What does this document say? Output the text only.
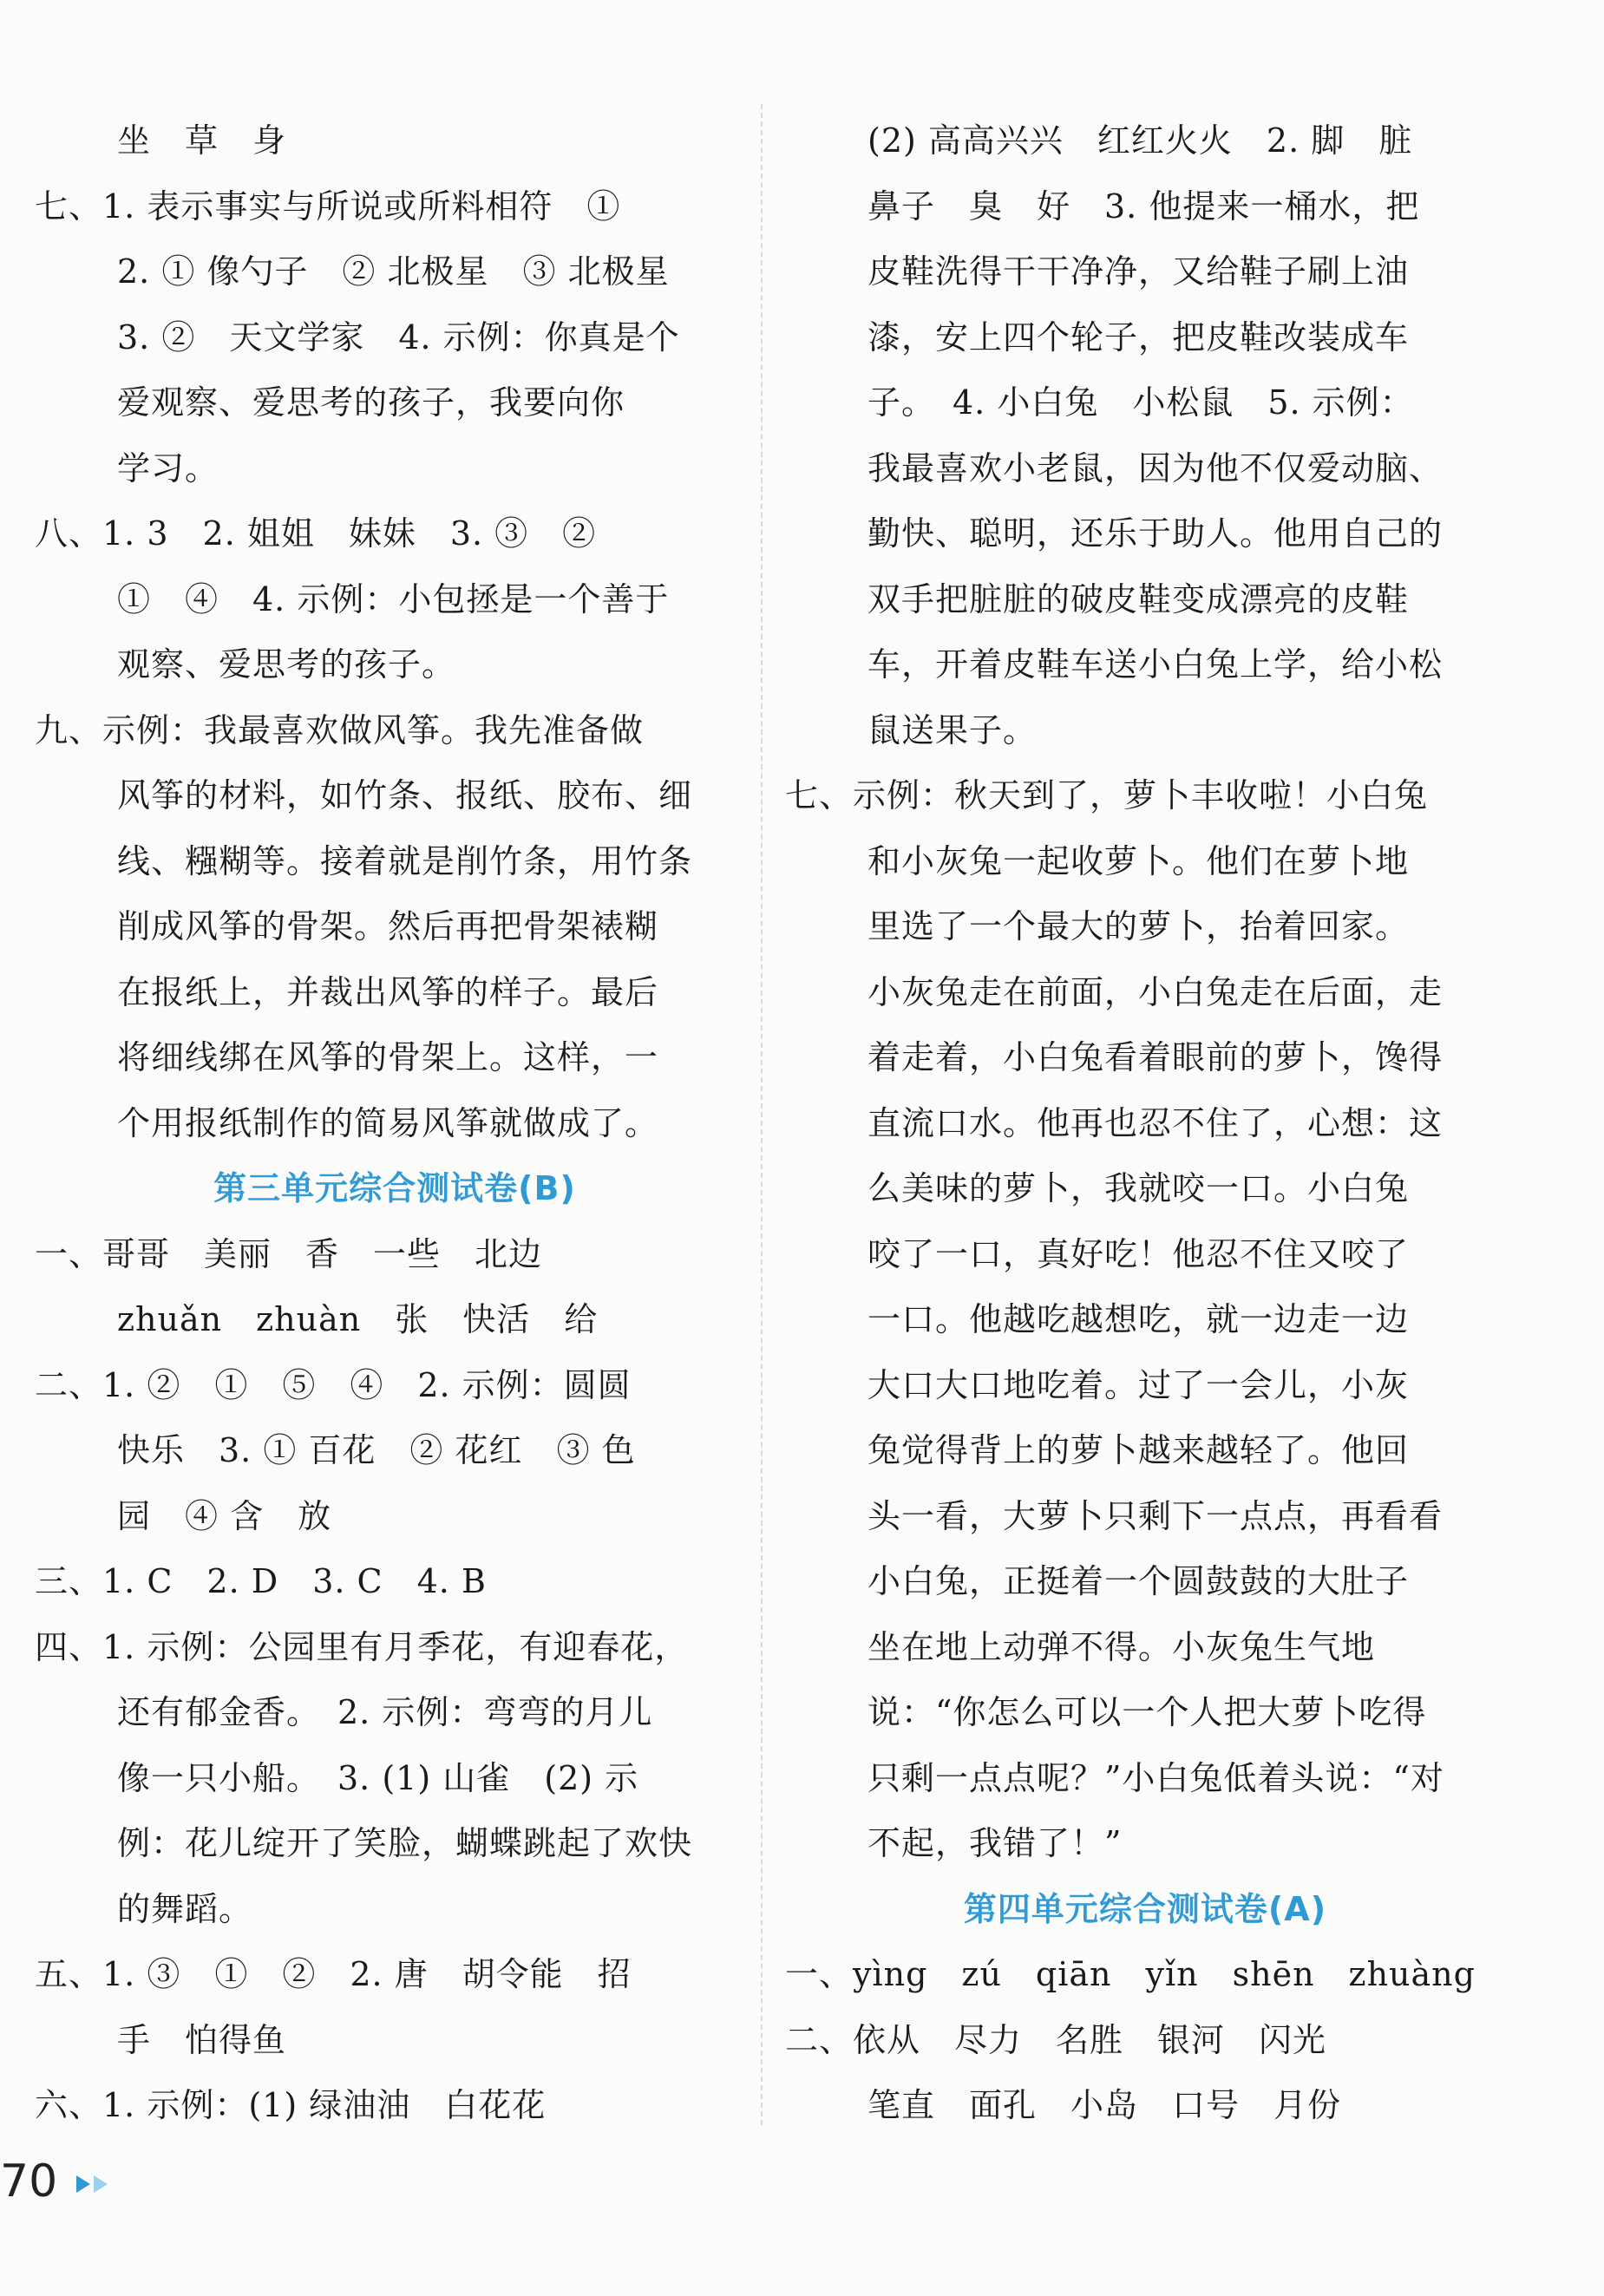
坐　草　身
七、1. 表示事实与所说或所料相符　①
2. ① 像勺子　② 北极星　③ 北极星
3. ②　天文学家　4. 示例：你真是个
爱观察、爱思考的孩子，我要向你
学习。
八、1. 3　2. 姐姐　妹妹　3. ③　②
①　④　4. 示例：小包拯是一个善于
观察、爱思考的孩子。
九、示例：我最喜欢做风筝。我先准备做
风筝的材料，如竹条、报纸、胶布、细
线、糨糊等。接着就是削竹条，用竹条
削成风筝的骨架。然后再把骨架裱糊
在报纸上，并裁出风筝的样子。最后
将细线绑在风筝的骨架上。这样，一
个用报纸制作的简易风筝就做成了。
第三单元综合测试卷(B)
一、哥哥　美丽　香　一些　北边
zhuǎn　zhuàn　张　快活　给
二、1. ②　①　⑤　④　2. 示例：圆圆
快乐　3. ① 百花　② 花红　③ 色
园　④ 含　放
三、1. C　2. D　3. C　4. B
四、1. 示例：公园里有月季花，有迎春花，
还有郁金香。　2. 示例：弯弯的月儿
像一只小船。　3. (1) 山雀　(2) 示
例：花儿绽开了笑脸，蝴蝶跳起了欢快
的舞蹈。
五、1. ③　①　②　2. 唐　胡令能　招
手　怕得鱼
六、1. 示例：(1) 绿油油　白花花
(2) 高高兴兴　红红火火　2. 脚　脏
鼻子　臭　好　3. 他提来一桶水，把
皮鞋洗得干干净净，又给鞋子刷上油
漆，安上四个轮子，把皮鞋改装成车
子。　4. 小白兔　小松鼠　5. 示例：
我最喜欢小老鼠，因为他不仅爱动脑、
勤快、聪明，还乐于助人。他用自己的
双手把脏脏的破皮鞋变成漂亮的皮鞋
车，开着皮鞋车送小白兔上学，给小松
鼠送果子。
七、示例：秋天到了，萝卜丰收啦！小白兔
和小灰兔一起收萝卜。他们在萝卜地
里选了一个最大的萝卜，抬着回家。
小灰兔走在前面，小白兔走在后面，走
着走着，小白兔看着眼前的萝卜，馋得
直流口水。他再也忍不住了，心想：这
么美味的萝卜，我就咬一口。小白兔
咬了一口，真好吃！他忍不住又咬了
一口。他越吃越想吃，就一边走一边
大口大口地吃着。过了一会儿，小灰
兔觉得背上的萝卜越来越轻了。他回
头一看，大萝卜只剩下一点点，再看看
小白兔，正挺着一个圆鼓鼓的大肚子
坐在地上动弹不得。小灰兔生气地
说：“你怎么可以一个人把大萝卜吃得
只剩一点点呢？”小白兔低着头说：“对
不起，我错了！”
第四单元综合测试卷(A)
一、yìng　zú　qiān　yǐn　shēn　zhuàng
二、依从　尽力　名胜　银河　闪光
笔直　面孔　小岛　口号　月份
70
